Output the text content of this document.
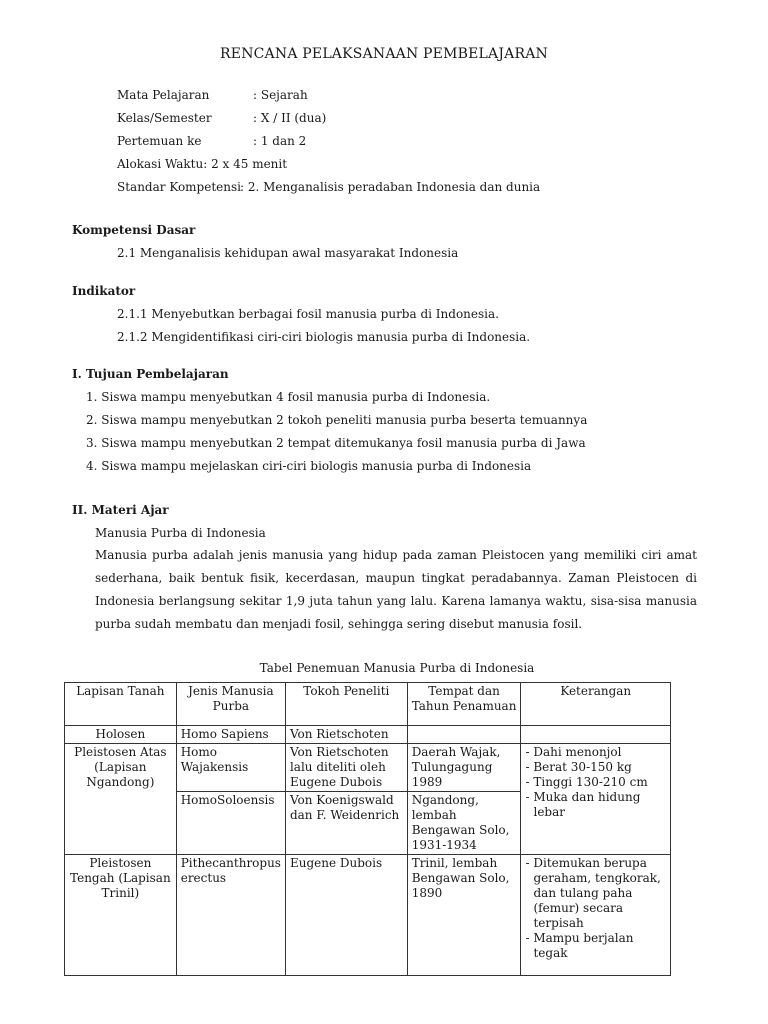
RENCANA PELAKSANAAN PEMBELAJARAN
Mata Pelajaran	: Sejarah
Kelas/Semester	: X / II (dua)
Pertemuan ke	: 1 dan 2
Alokasi Waktu: 2 x 45 menit
Standar Kompetensi: 2. Menganalisis peradaban Indonesia dan dunia
Kompetensi Dasar
2.1 Menganalisis kehidupan awal masyarakat Indonesia
Indikator
2.1.1 Menyebutkan berbagai fosil manusia purba di Indonesia.
2.1.2 Mengidentifikasi ciri-ciri biologis manusia purba di Indonesia.
I. Tujuan Pembelajaran
1. Siswa mampu menyebutkan 4 fosil manusia purba di Indonesia.
2. Siswa mampu menyebutkan 2 tokoh peneliti manusia purba beserta temuannya
3. Siswa mampu menyebutkan 2 tempat ditemukanya fosil manusia purba di Jawa
4. Siswa mampu mejelaskan ciri-ciri biologis manusia purba di Indonesia
II. Materi Ajar
Manusia Purba di Indonesia
Manusia purba adalah jenis manusia yang hidup pada zaman Pleistocen yang memiliki ciri amat
sederhana, baik bentuk fisik, kecerdasan, maupun tingkat peradabannya. Zaman Pleistocen di
Indonesia berlangsung sekitar 1,9 juta tahun yang lalu. Karena lamanya waktu, sisa-sisa manusia
purba sudah membatu dan menjadi fosil, sehingga sering disebut manusia fosil.
Tabel Penemuan Manusia Purba di Indonesia
Lapisan Tanah	Jenis Manusia Purba	Tokoh Peneliti	Tempat dan Tahun Penamuan	Keterangan
Holosen	Homo Sapiens	Von Rietschoten		
Pleistosen Atas (Lapisan Ngandong)	Homo Wajakensis	Von Rietschoten lalu diteliti oleh Eugene Dubois	Daerah Wajak, Tulungagung 1989	- Dahi menonjol
- Berat 30-150 kg
- Tinggi 130-210 cm
- Muka dan hidung lebar

	HomoSoloensis	Von Koenigswald dan F. Weidenrich	Ngandong, lembah Bengawan Solo, 1931-1934	
Pleistosen Tengah (Lapisan Trinil)	Pithecanthropus erectus	Eugene Dubois	Trinil, lembah Bengawan Solo, 1890	- Ditemukan berupa geraham, tengkorak, dan tulang paha (femur) secara terpisah
- Mampu berjalan tegak
